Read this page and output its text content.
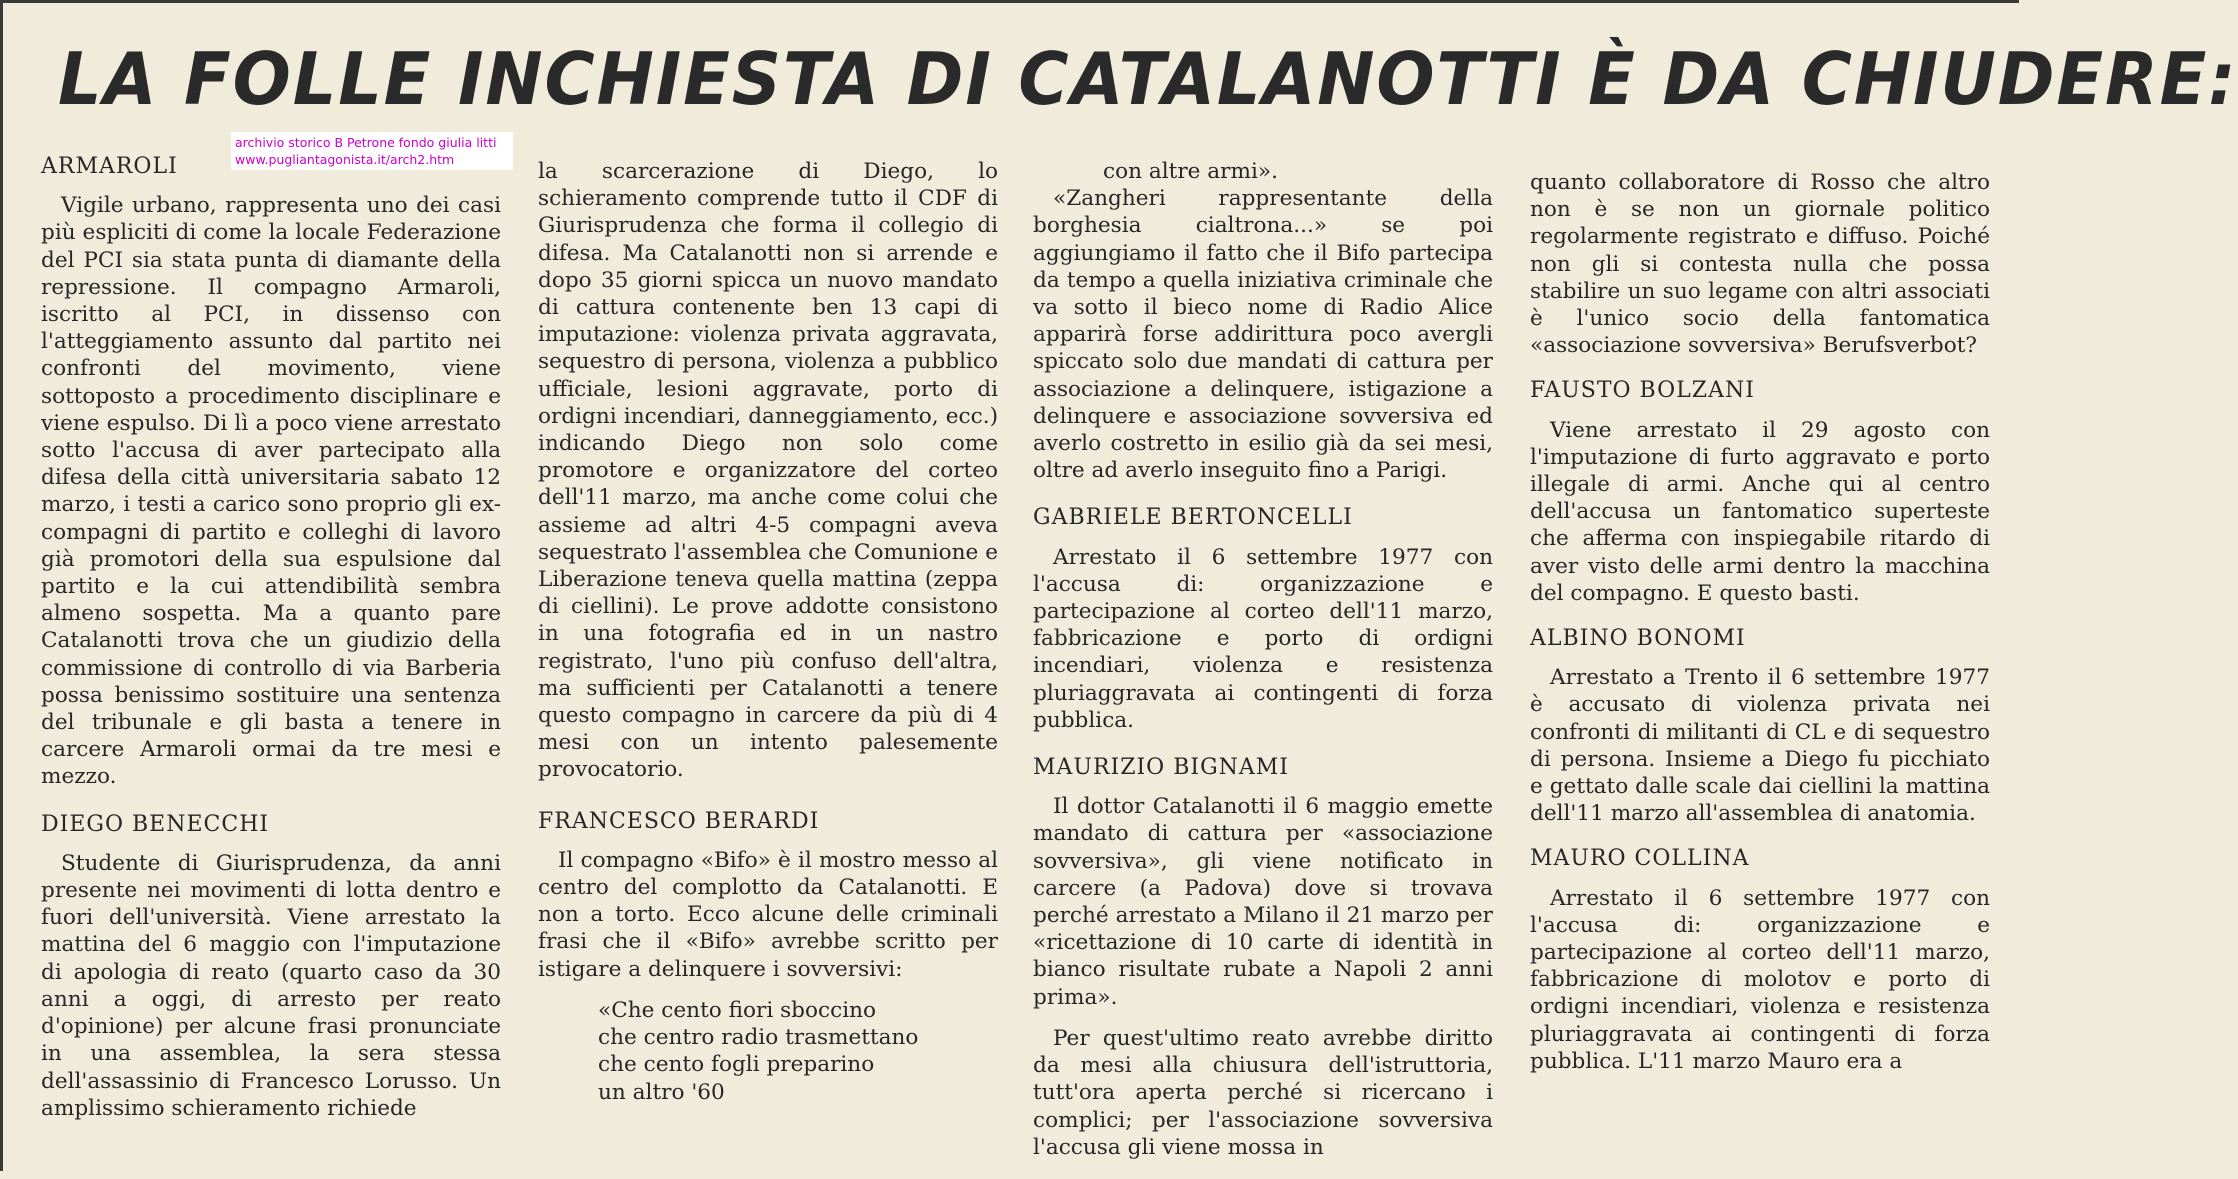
LA FOLLE INCHIESTA DI CATALANOTTI È DA CHIUDERE:
archivio storico B Petrone fondo giulia litti
www.pugliantagonista.it/arch2.htm
ARMAROLI

Vigile urbano, rappresenta uno dei casi più espliciti di come la locale Federazione del PCI sia stata punta di diamante della repressione. Il compagno Armaroli, iscritto al PCI, in dissenso con l'atteggiamento assunto dal partito nei confronti del movimento, viene sottoposto a procedimento disciplinare e viene espulso. Di lì a poco viene arrestato sotto l'accusa di aver partecipato alla difesa della città universitaria sabato 12 marzo, i testi a carico sono proprio gli ex-compagni di partito e colleghi di lavoro già promotori della sua espulsione dal partito e la cui attendibilità sembra almeno sospetta. Ma a quanto pare Catalanotti trova che un giudizio della commissione di controllo di via Barberia possa benissimo sostituire una sentenza del tribunale e gli basta a tenere in carcere Armaroli ormai da tre mesi e mezzo.

DIEGO BENECCHI

Studente di Giurisprudenza, da anni presente nei movimenti di lotta dentro e fuori dell'università. Viene arrestato la mattina del 6 maggio con l'imputazione di apologia di reato (quarto caso da 30 anni a oggi, di arresto per reato d'opinione) per alcune frasi pronunciate in una assemblea, la sera stessa dell'assassinio di Francesco Lorusso. Un amplissimo schieramento richiede

la scarcerazione di Diego, lo schieramento comprende tutto il CDF di Giurisprudenza che forma il collegio di difesa. Ma Catalanotti non si arrende e dopo 35 giorni spicca un nuovo mandato di cattura contenente ben 13 capi di imputazione: violenza privata aggravata, sequestro di persona, violenza a pubblico ufficiale, lesioni aggravate, porto di ordigni incendiari, danneggiamento, ecc.) indicando Diego non solo come promotore e organizzatore del corteo dell'11 marzo, ma anche come colui che assieme ad altri 4-5 compagni aveva sequestrato l'assemblea che Comunione e Liberazione teneva quella mattina (zeppa di ciellini). Le prove addotte consistono in una fotografia ed in un nastro registrato, l'uno più confuso dell'altra, ma sufficienti per Catalanotti a tenere questo compagno in carcere da più di 4 mesi con un intento palesemente provocatorio.

FRANCESCO BERARDI

Il compagno «Bifo» è il mostro messo al centro del complotto da Catalanotti. E non a torto. Ecco alcune delle criminali frasi che il «Bifo» avrebbe scritto per istigare a delinquere i sovversivi:

«Che cento fiori sboccino
che centro radio trasmettano
che cento fogli preparino
un altro '60

con altre armi».

«Zangheri rappresentante della borghesia cialtrona...» se poi aggiungiamo il fatto che il Bifo partecipa da tempo a quella iniziativa criminale che va sotto il bieco nome di Radio Alice apparirà forse addirittura poco avergli spiccato solo due mandati di cattura per associazione a delinquere, istigazione a delinquere e associazione sovversiva ed averlo costretto in esilio già da sei mesi, oltre ad averlo inseguito fino a Parigi.

GABRIELE BERTONCELLI

Arrestato il 6 settembre 1977 con l'accusa di: organizzazione e partecipazione al corteo dell'11 marzo, fabbricazione e porto di ordigni incendiari, violenza e resistenza pluriaggravata ai contingenti di forza pubblica.

MAURIZIO BIGNAMI

Il dottor Catalanotti il 6 maggio emette mandato di cattura per «associazione sovversiva», gli viene notificato in carcere (a Padova) dove si trovava perché arrestato a Milano il 21 marzo per «ricettazione di 10 carte di identità in bianco risultate rubate a Napoli 2 anni prima».

Per quest'ultimo reato avrebbe diritto da mesi alla chiusura dell'istruttoria, tutt'ora aperta perché si ricercano i complici; per l'associazione sovversiva l'accusa gli viene mossa in

quanto collaboratore di Rosso che altro non è se non un giornale politico regolarmente registrato e diffuso. Poiché non gli si contesta nulla che possa stabilire un suo legame con altri associati è l'unico socio della fantomatica «associazione sovversiva» Berufsverbot?

FAUSTO BOLZANI

Viene arrestato il 29 agosto con l'imputazione di furto aggravato e porto illegale di armi. Anche qui al centro dell'accusa un fantomatico superteste che afferma con inspiegabile ritardo di aver visto delle armi dentro la macchina del compagno. E questo basti.

ALBINO BONOMI

Arrestato a Trento il 6 settembre 1977 è accusato di violenza privata nei confronti di militanti di CL e di sequestro di persona. Insieme a Diego fu picchiato e gettato dalle scale dai ciellini la mattina dell'11 marzo all'assemblea di anatomia.

MAURO COLLINA

Arrestato il 6 settembre 1977 con l'accusa di: organizzazione e partecipazione al corteo dell'11 marzo, fabbricazione di molotov e porto di ordigni incendiari, violenza e resistenza pluriaggravata ai contingenti di forza pubblica. L'11 marzo Mauro era a
